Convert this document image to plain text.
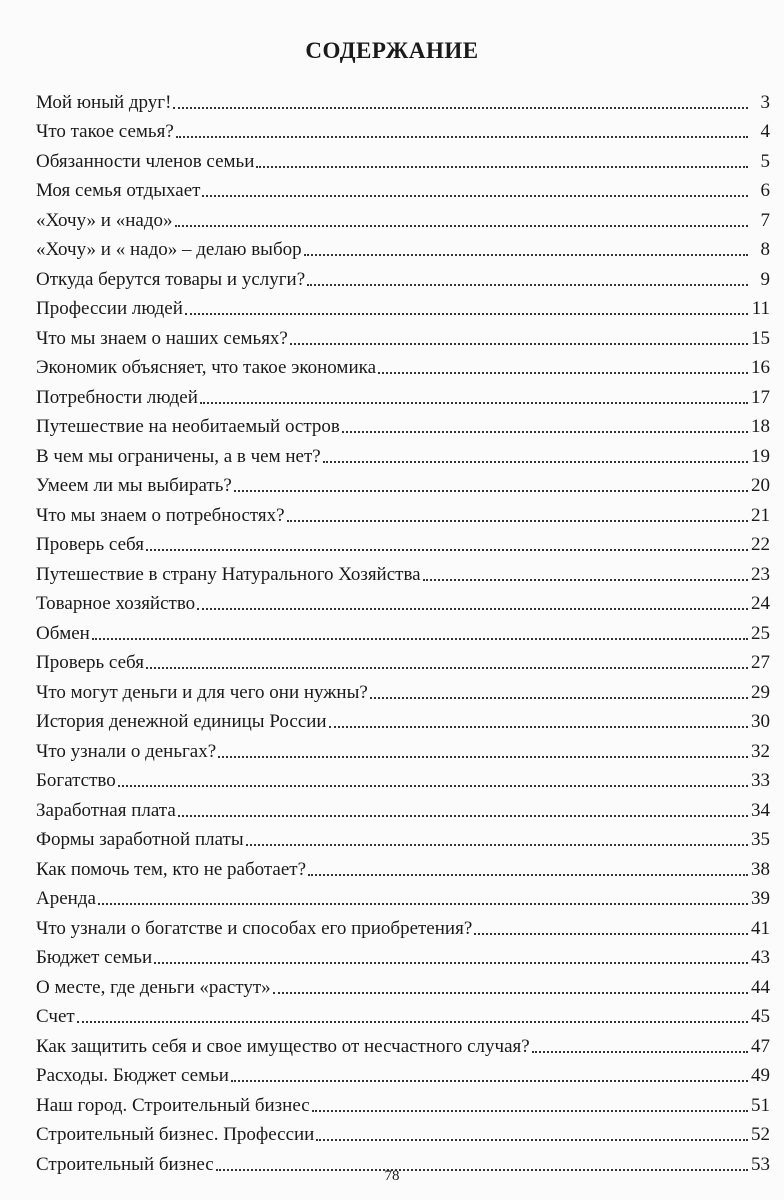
СОДЕРЖАНИЕ
Мой юный друг!	3
Что такое семья?	4
Обязанности членов семьи	5
Моя семья отдыхает	6
«Хочу» и «надо»	7
«Хочу» и « надо» – делаю выбор	8
Откуда берутся товары и услуги?	9
Профессии людей	11
Что мы знаем о наших семьях?	15
Экономик объясняет, что такое экономика	16
Потребности людей	17
Путешествие на необитаемый остров	18
В чем мы ограничены, а в чем нет?	19
Умеем ли мы выбирать?	20
Что мы знаем о потребностях?	21
Проверь себя	22
Путешествие в страну Натурального Хозяйства	23
Товарное хозяйство	24
Обмен	25
Проверь себя	27
Что могут деньги и для чего они нужны?	29
История денежной единицы России	30
Что узнали о деньгах?	32
Богатство	33
Заработная плата	34
Формы заработной платы	35
Как помочь тем, кто не работает?	38
Аренда	39
Что узнали о богатстве и способах его приобретения?	41
Бюджет семьи	43
О месте, где деньги «растут»	44
Счет	45
Как защитить себя и свое имущество от несчастного случая?	47
Расходы. Бюджет семьи	49
Наш город. Строительный бизнес	51
Строительный бизнес. Профессии	52
Строительный бизнес	53
78
